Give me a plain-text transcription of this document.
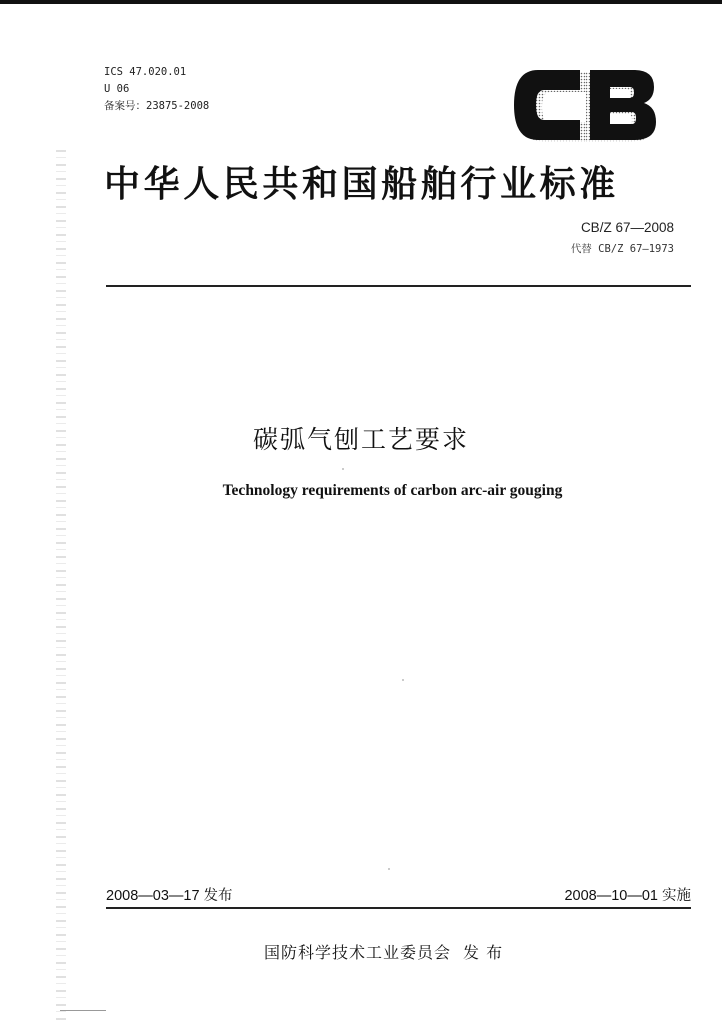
ICS 47.020.01
U 06
备案号：23875-2008
中华人民共和国船舶行业标准
CB/Z 67—2008
代替 CB/Z 67—1973
碳弧气刨工艺要求
Technology requirements of carbon arc-air gouging
2008—03—17 发布	2008—10—01 实施
国防科学技术工业委员会 发 布
